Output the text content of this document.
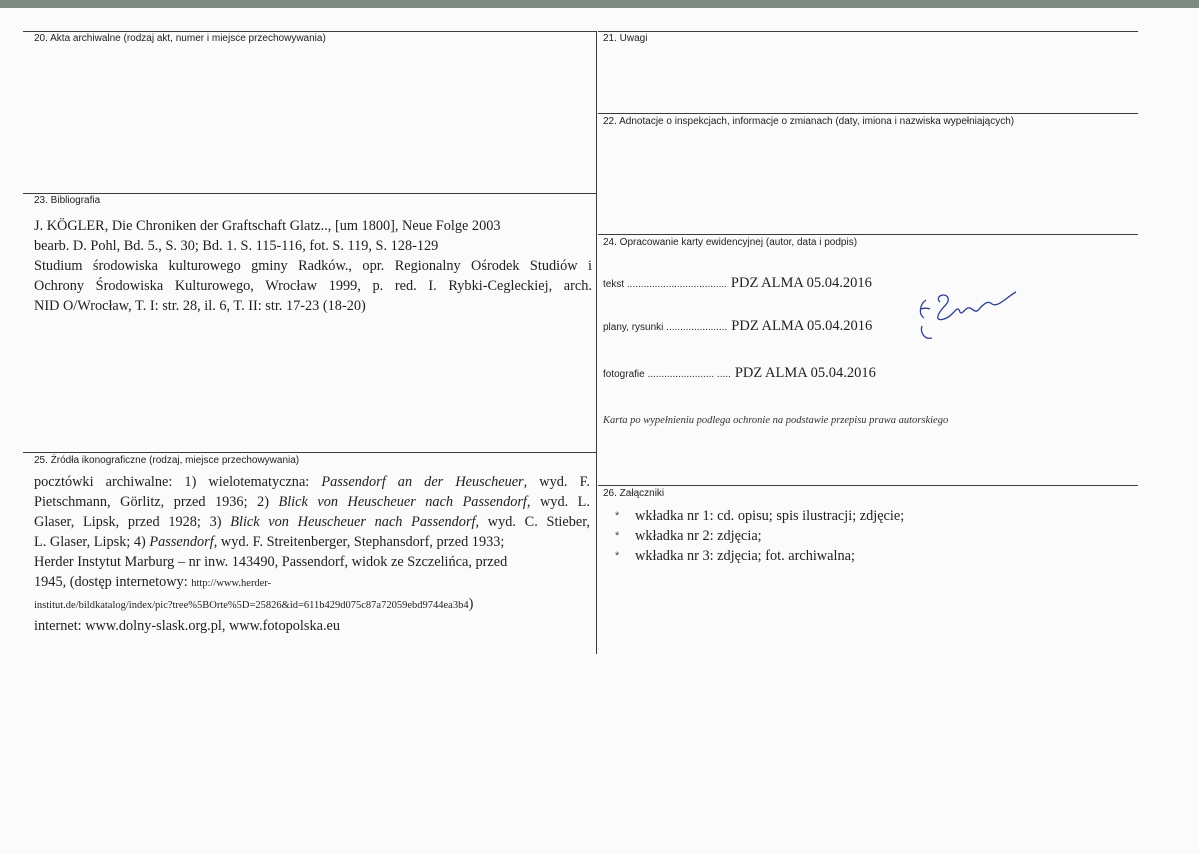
20. Akta archiwalne (rodzaj akt, numer i miejsce przechowywania)	21. Uwagi
22. Adnotacje o inspekcjach, informacje o zmianach (daty, imiona i nazwiska wypełniających)
23. Bibliografia
24. Opracowanie karty ewidencyjnej (autor, data i podpis)
25. Źródła ikonograficzne (rodzaj, miejsce przechowywania)
26. Załączniki

J. KÖGLER, Die Chroniken der Graftschaft Glatz.., [um 1800], Neue Folge 2003

bearb. D. Pohl, Bd. 5., S. 30; Bd. 1. S. 115-116, fot. S. 119, S. 128-129

Studium środowiska kulturowego gminy Radków., opr. Regionalny Ośrodek Studiów i

Ochrony Środowiska Kulturowego, Wrocław 1999, p. red. I. Rybki-Ceglеckiej, arch.

NID O/Wrocław, T. I: str. 28, il. 6, T. II: str. 17-23 (18-20)

tekst .................................... PDZ ALMA 05.04.2016
plany, rysunki ...................... PDZ ALMA 05.04.2016
fotografie ........................ ..... PDZ ALMA 05.04.2016
Karta po wypełnieniu podlega ochronie na podstawie przepisu prawa autorskiego

pocztówki archiwalne: 1) wielotematyczna: Passendorf an der Heuscheuer, wyd. F.

Pietschmann, Görlitz, przed 1936; 2) Blick von Heuscheuer nach Passendorf, wyd. L.

Glaser, Lipsk, przed 1928; 3) Blick von Heuscheuer nach Passendorf, wyd. C. Stieber,

L. Glaser, Lipsk; 4) Passendorf, wyd. F. Streitenberger, Stephansdorf, przed 1933;

Herder Instytut Marburg – nr inw. 143490, Passendorf, widok ze Szczelińca, przed

1945, (dostęp internetowy: http://www.herder-

institut.de/bildkatalog/index/pic?tree%5BOrte%5D=25826&id=611b429d075c87a72059ebd9744ea3b4)

internet: www.dolny-slask.org.pl, www.fotopolska.eu

*	wkładka nr 1: cd. opisu; spis ilustracji; zdjęcie;
*	wkładka nr 2: zdjęcia;
*	wkładka nr 3: zdjęcia; fot. archiwalna;
